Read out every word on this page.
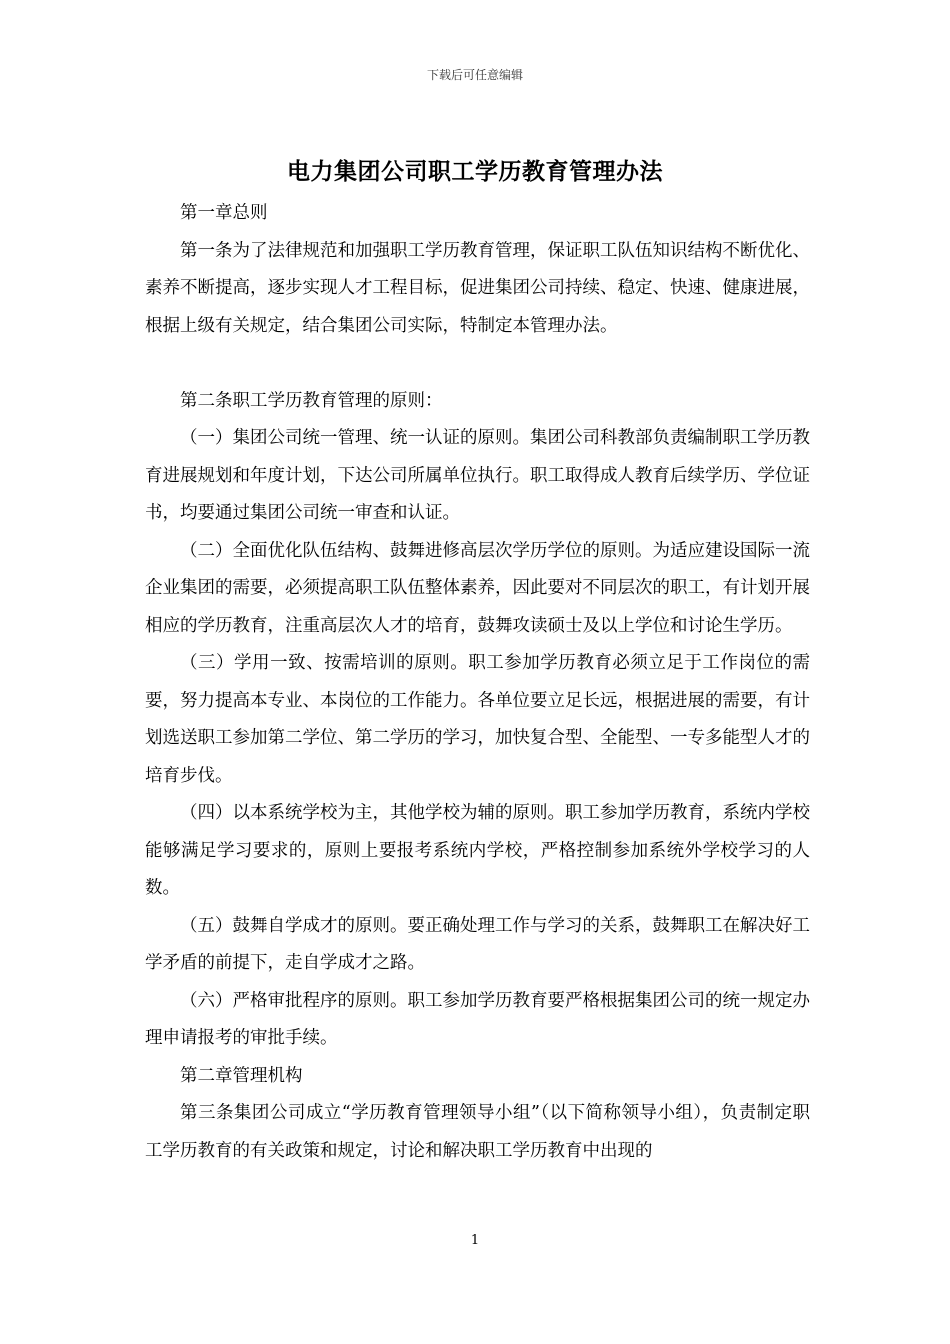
下载后可任意编辑
电力集团公司职工学历教育管理办法

第一章总则

第一条为了法律规范和加强职工学历教育管理，保证职工队伍知识结构不断优化、素养不断提高，逐步实现人才工程目标，促进集团公司持续、稳定、快速、健康进展，根据上级有关规定，结合集团公司实际，特制定本管理办法。

第二条职工学历教育管理的原则：

（一）集团公司统一管理、统一认证的原则。集团公司科教部负责编制职工学历教育进展规划和年度计划，下达公司所属单位执行。职工取得成人教育后续学历、学位证书，均要通过集团公司统一审查和认证。

（二）全面优化队伍结构、鼓舞进修高层次学历学位的原则。为适应建设国际一流企业集团的需要，必须提高职工队伍整体素养，因此要对不同层次的职工，有计划开展相应的学历教育，注重高层次人才的培育，鼓舞攻读硕士及以上学位和讨论生学历。

（三）学用一致、按需培训的原则。职工参加学历教育必须立足于工作岗位的需要，努力提高本专业、本岗位的工作能力。各单位要立足长远，根据进展的需要，有计划选送职工参加第二学位、第二学历的学习，加快复合型、全能型、一专多能型人才的培育步伐。

（四）以本系统学校为主，其他学校为辅的原则。职工参加学历教育，系统内学校能够满足学习要求的，原则上要报考系统内学校，严格控制参加系统外学校学习的人数。

（五）鼓舞自学成才的原则。要正确处理工作与学习的关系，鼓舞职工在解决好工学矛盾的前提下，走自学成才之路。

（六）严格审批程序的原则。职工参加学历教育要严格根据集团公司的统一规定办理申请报考的审批手续。

第二章管理机构

第三条集团公司成立“学历教育管理领导小组”（以下简称领导小组），负责制定职工学历教育的有关政策和规定，讨论和解决职工学历教育中出现的

1
